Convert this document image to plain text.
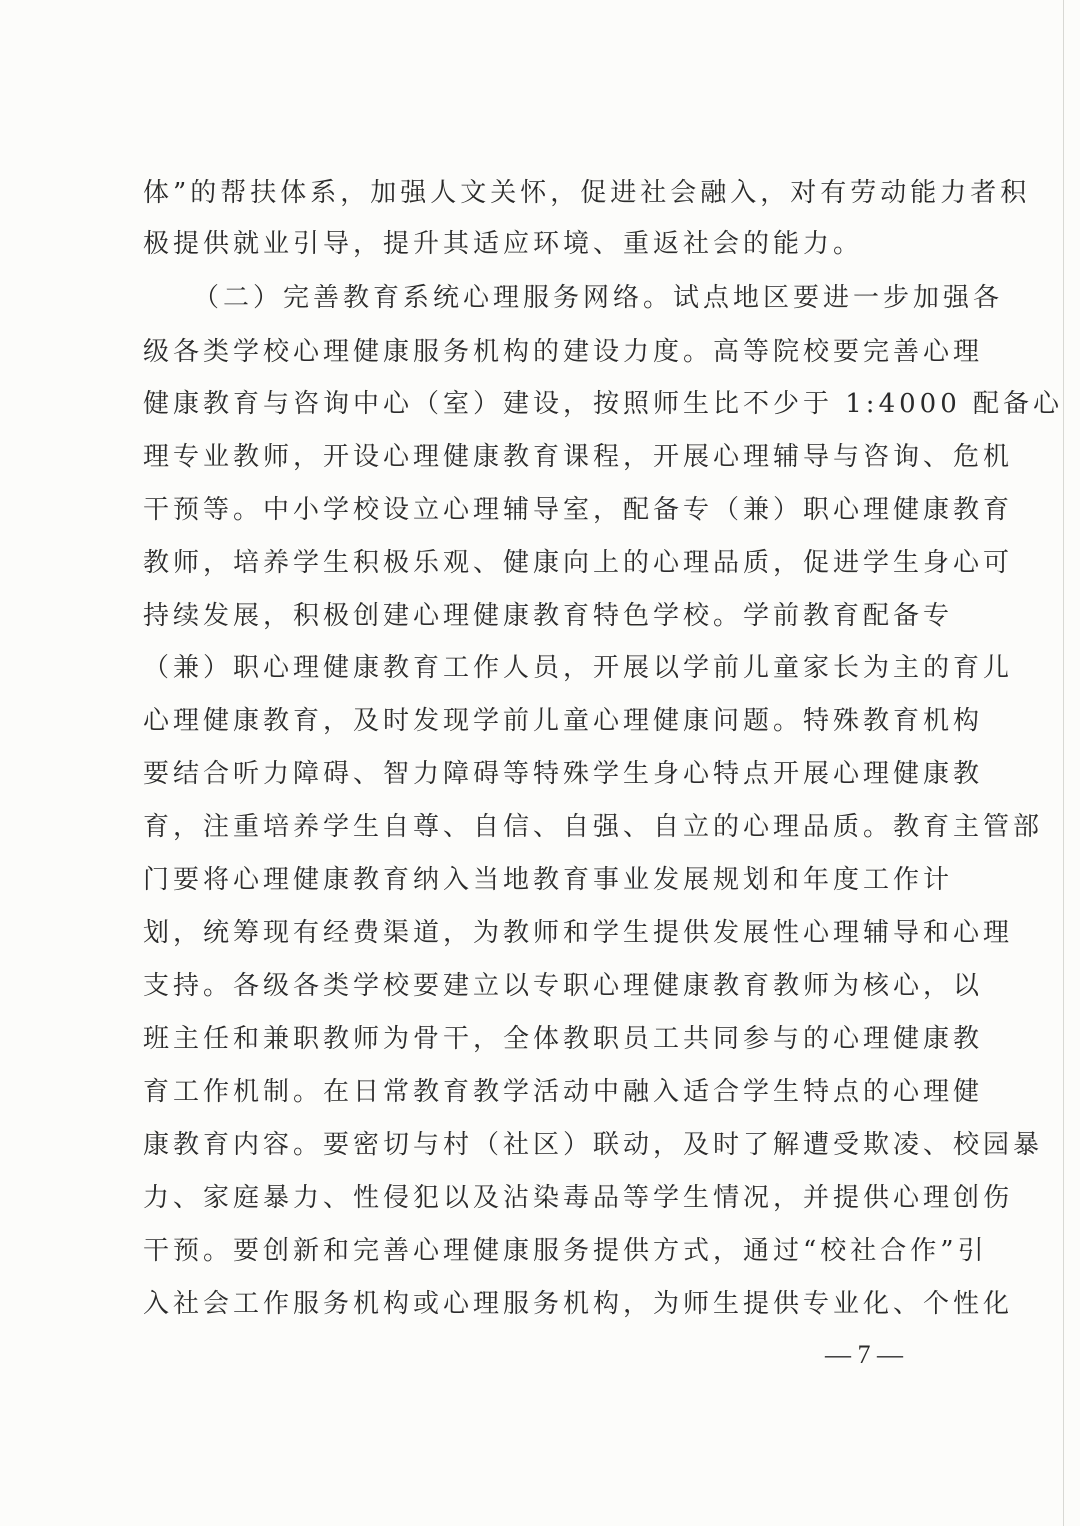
体”的帮扶体系，加强人文关怀，促进社会融入，对有劳动能力者积
极提供就业引导，提升其适应环境、重返社会的能力。
（二）完善教育系统心理服务网络。试点地区要进一步加强各
级各类学校心理健康服务机构的建设力度。高等院校要完善心理
健康教育与咨询中心（室）建设，按照师生比不少于 1:4000 配备心
理专业教师，开设心理健康教育课程，开展心理辅导与咨询、危机
干预等。中小学校设立心理辅导室，配备专（兼）职心理健康教育
教师，培养学生积极乐观、健康向上的心理品质，促进学生身心可
持续发展，积极创建心理健康教育特色学校。学前教育配备专
（兼）职心理健康教育工作人员，开展以学前儿童家长为主的育儿
心理健康教育，及时发现学前儿童心理健康问题。特殊教育机构
要结合听力障碍、智力障碍等特殊学生身心特点开展心理健康教
育，注重培养学生自尊、自信、自强、自立的心理品质。教育主管部
门要将心理健康教育纳入当地教育事业发展规划和年度工作计
划，统筹现有经费渠道，为教师和学生提供发展性心理辅导和心理
支持。各级各类学校要建立以专职心理健康教育教师为核心，以
班主任和兼职教师为骨干，全体教职员工共同参与的心理健康教
育工作机制。在日常教育教学活动中融入适合学生特点的心理健
康教育内容。要密切与村（社区）联动，及时了解遭受欺凌、校园暴
力、家庭暴力、性侵犯以及沾染毒品等学生情况，并提供心理创伤
干预。要创新和完善心理健康服务提供方式，通过“校社合作”引
入社会工作服务机构或心理服务机构，为师生提供专业化、个性化
— 7 —
